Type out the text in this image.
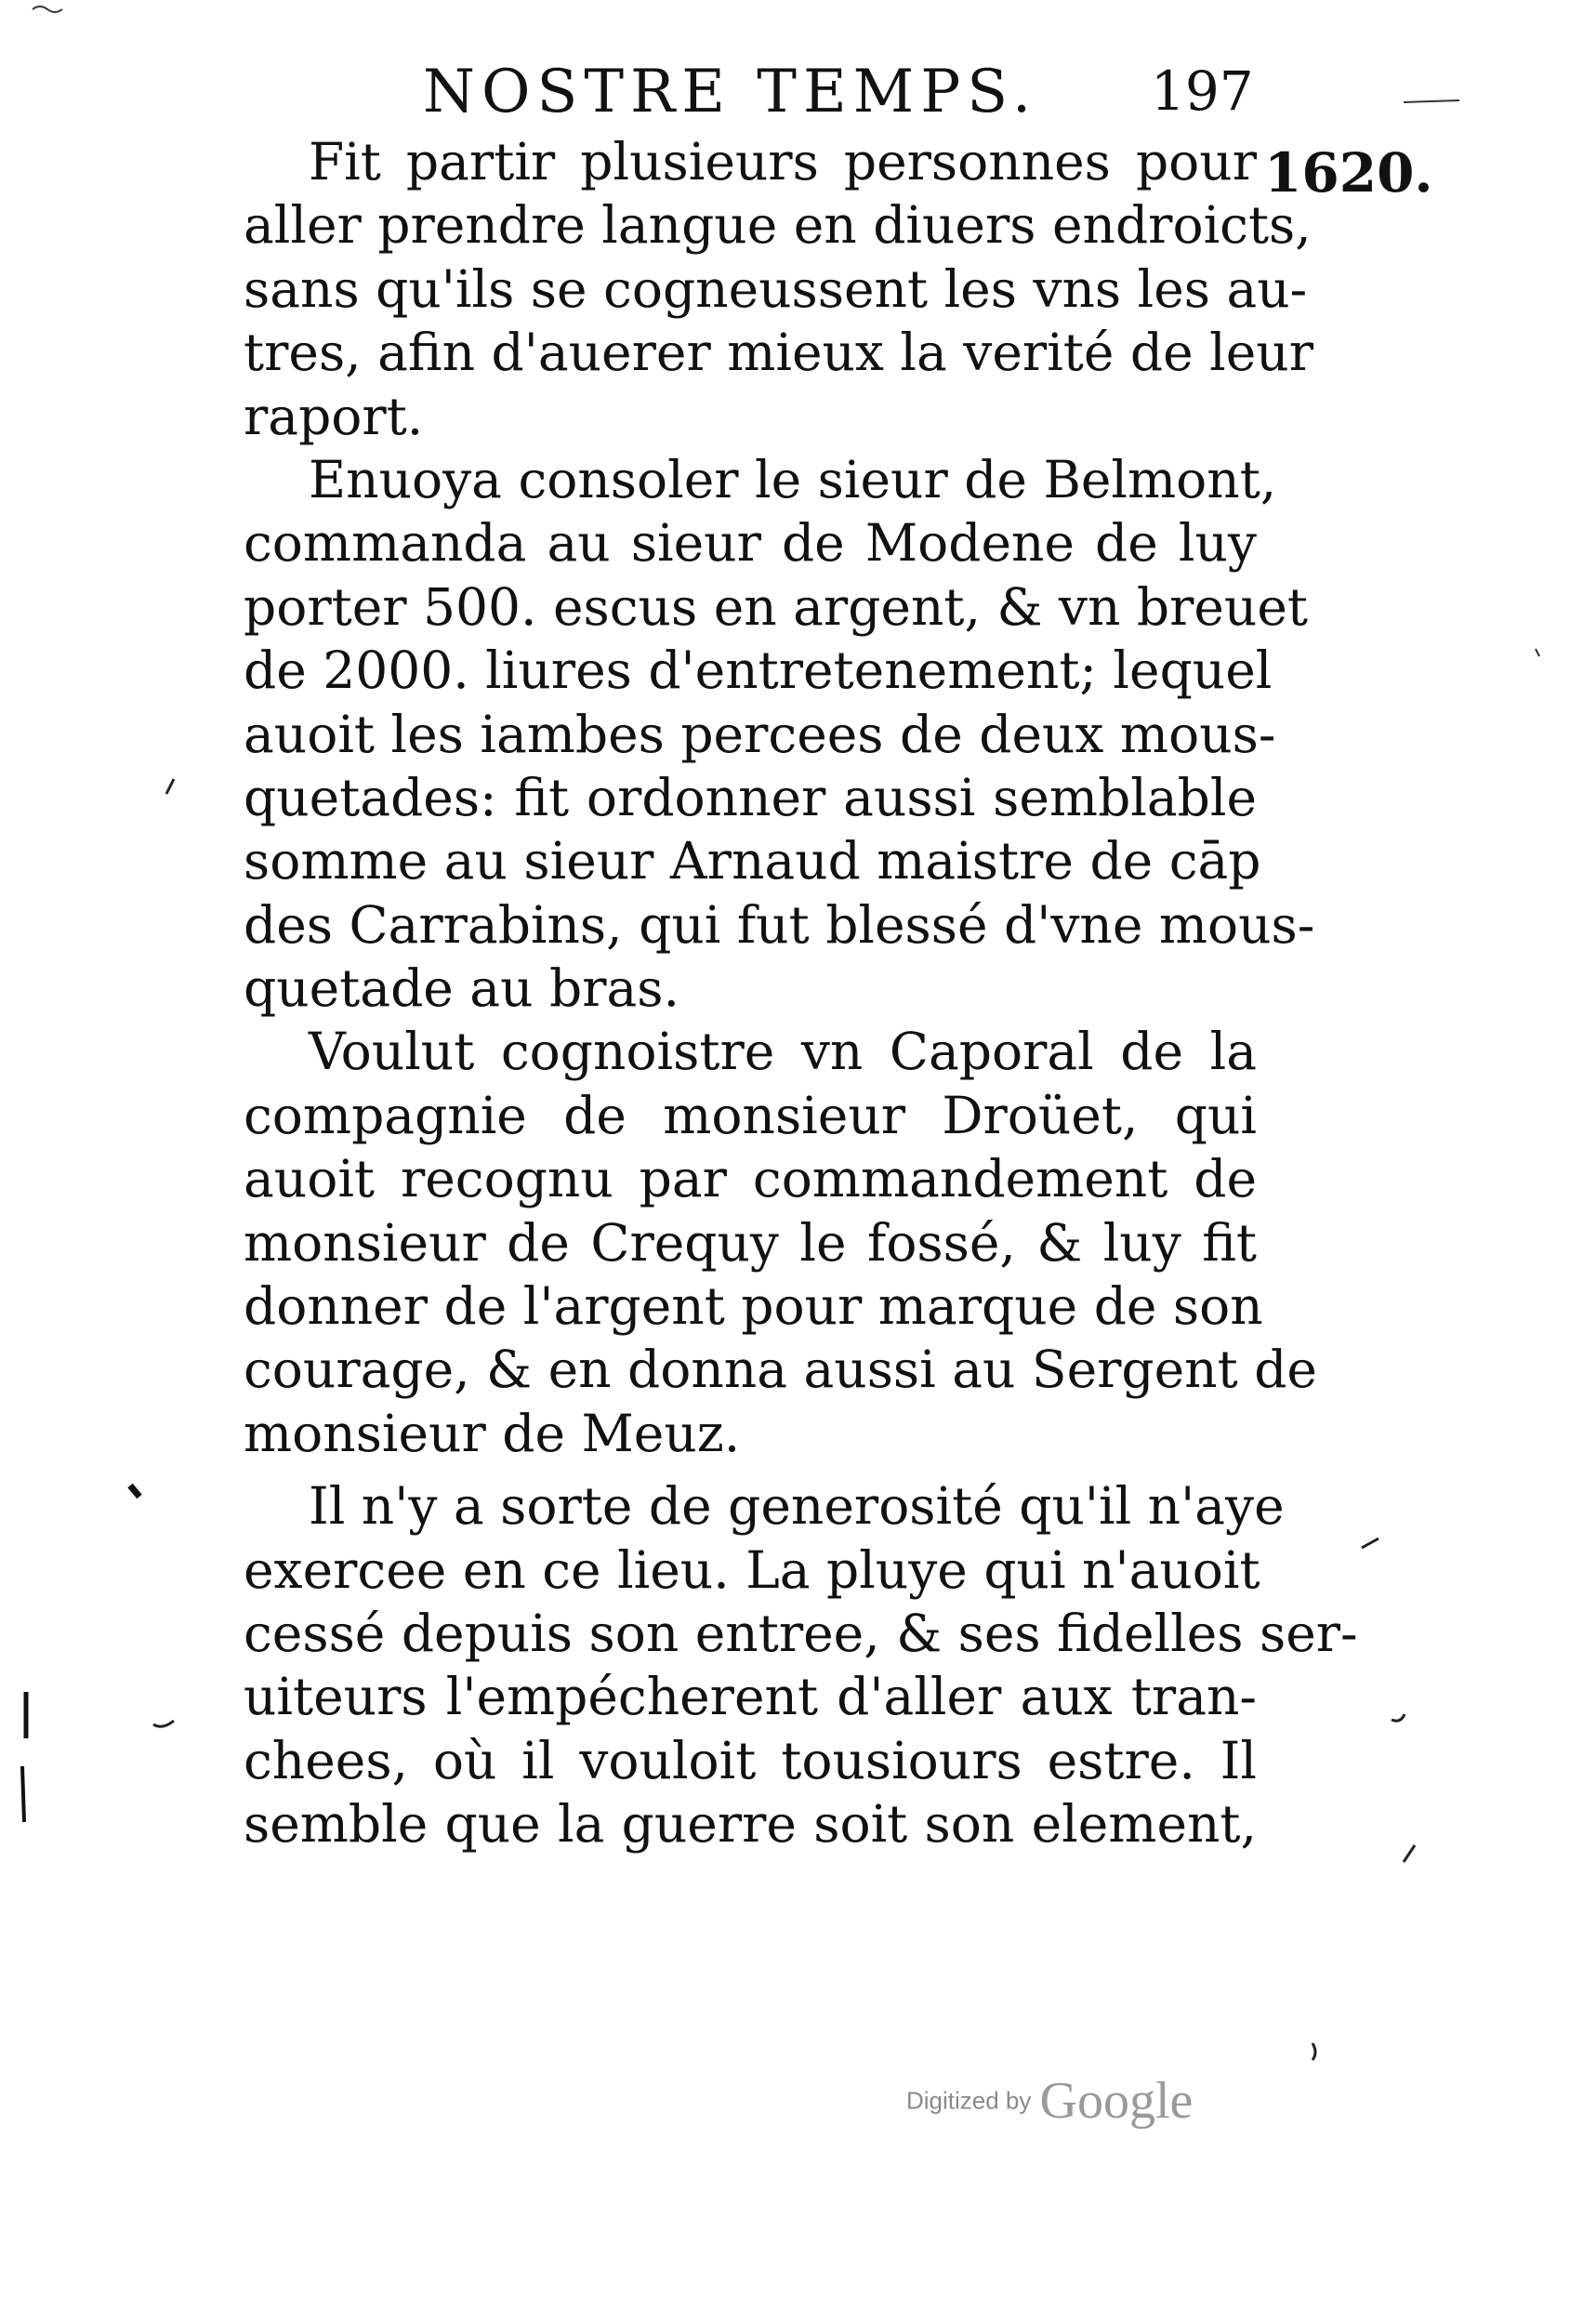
NOSTRE TEMPS. 197
1620.
Fit partir plusieurs personnes pour
aller prendre langue en diuers endroicts,
sans qu'ils se cogneussent les vns les au-
tres, afin d'auerer mieux la verité de leur
raport.
Enuoya consoler le sieur de Belmont,
commanda au sieur de Modene de luy
porter 500. escus en argent, & vn breuet
de 2000. liures d'entretenement; lequel
auoit les iambes percees de deux mous-
quetades: fit ordonner aussi semblable
somme au sieur Arnaud maistre de cāp
des Carrabins, qui fut blessé d'vne mous-
quetade au bras.
Voulut cognoistre vn Caporal de la
compagnie de monsieur Droüet, qui
auoit recognu par commandement de
monsieur de Crequy le fossé, & luy fit
donner de l'argent pour marque de son
courage, & en donna aussi au Sergent de
monsieur de Meuz.
Il n'y a sorte de generosité qu'il n'aye
exercee en ce lieu. La pluye qui n'auoit
cessé depuis son entree, & ses fidelles ser-
uiteurs l'empécherent d'aller aux tran-
chees, où il vouloit tousiours estre. Il
semble que la guerre soit son element,
Digitized by Google
